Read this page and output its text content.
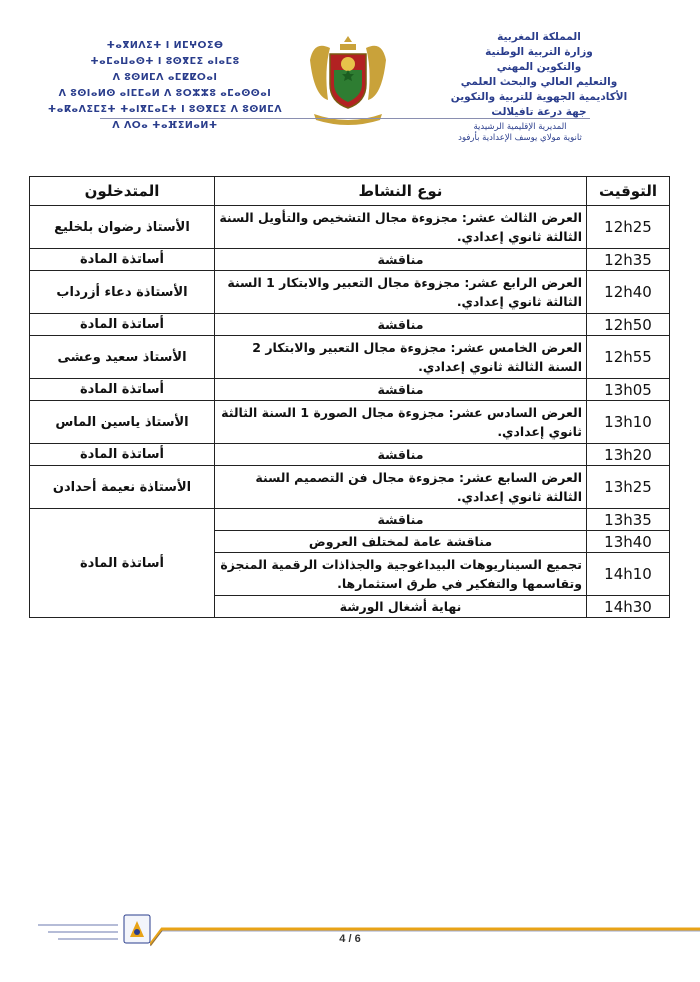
ⵜⴰⴳⵍⴷⵉⵜ ⵏ ⵍⵎⵖⵔⵉⴱ
ⵜⴰⵎⴰⵡⴰⵙⵜ ⵏ ⵓⵙⴳⵎⵉ ⴰⵏⴰⵎⵓ
ⴷ ⵓⵙⵍⵎⴷ ⴰⵎⵇⵇⵔⴰⵏ
ⴷ ⵓⵙⵏⴰⵍⵙ ⴰⵏⵎⵎⴰⵍ ⴷ ⵓⵔⵣⵣⵓ ⴰⵎⴰⵙⵙⴰⵏ
ⵜⴰⴽⴰⴷⵉⵎⵉⵜ ⵜⴰⵏⴳⵎⴰⵎⵜ ⵏ ⵓⵙⴳⵎⵉ ⴷ ⵓⵙⵍⵎⴷ
ⴷ ⴷⵔⴰ ⵜⴰⴼⵉⵍⴰⵍⵜ
المملكة المغربية
وزارة التربية الوطنية
والتكوين المهني
والتعليم العالي والبحث العلمي
الأكاديمية الجهوية للتربية والتكوين
جهة درعة تافيلالت
المديرية الإقليمية الرشيدية
ثانوية مولاي يوسف الإعدادية بأرفود
التوقيت	نوع النشاط	المتدخلون
12h25	العرض الثالث عشر: مجزوءة مجال التشخيص والتأويل السنة الثالثة ثانوي إعدادي.	الأستاذ رضوان بلخليع
12h35	مناقشة	أساتذة المادة
12h40	العرض الرابع عشر: مجزوءة مجال التعبير والابتكار 1 السنة الثالثة ثانوي إعدادي.	الأستاذة دعاء أزرداب
12h50	مناقشة	أساتذة المادة
12h55	العرض الخامس عشر: مجزوءة مجال التعبير والابتكار 2 السنة الثالثة ثانوي إعدادي.	الأستاذ سعيد وعشى
13h05	مناقشة	أساتذة المادة
13h10	العرض السادس عشر: مجزوءة مجال الصورة 1 السنة الثالثة ثانوي إعدادي.	الأستاذ ياسين الماس
13h20	مناقشة	أساتذة المادة
13h25	العرض السابع عشر: مجزوءة مجال فن التصميم السنة الثالثة ثانوي إعدادي.	الأستاذة نعيمة أحدادن
13h35	مناقشة	أساتذة المادة
13h40	مناقشة عامة لمختلف العروض	
14h10	تجميع السيناريوهات البيداغوجية والجذاذات الرقمية المنجزة وتقاسمها والتفكير في طرق استثمارها.	
14h30	نهاية أشغال الورشة	
4 / 6
